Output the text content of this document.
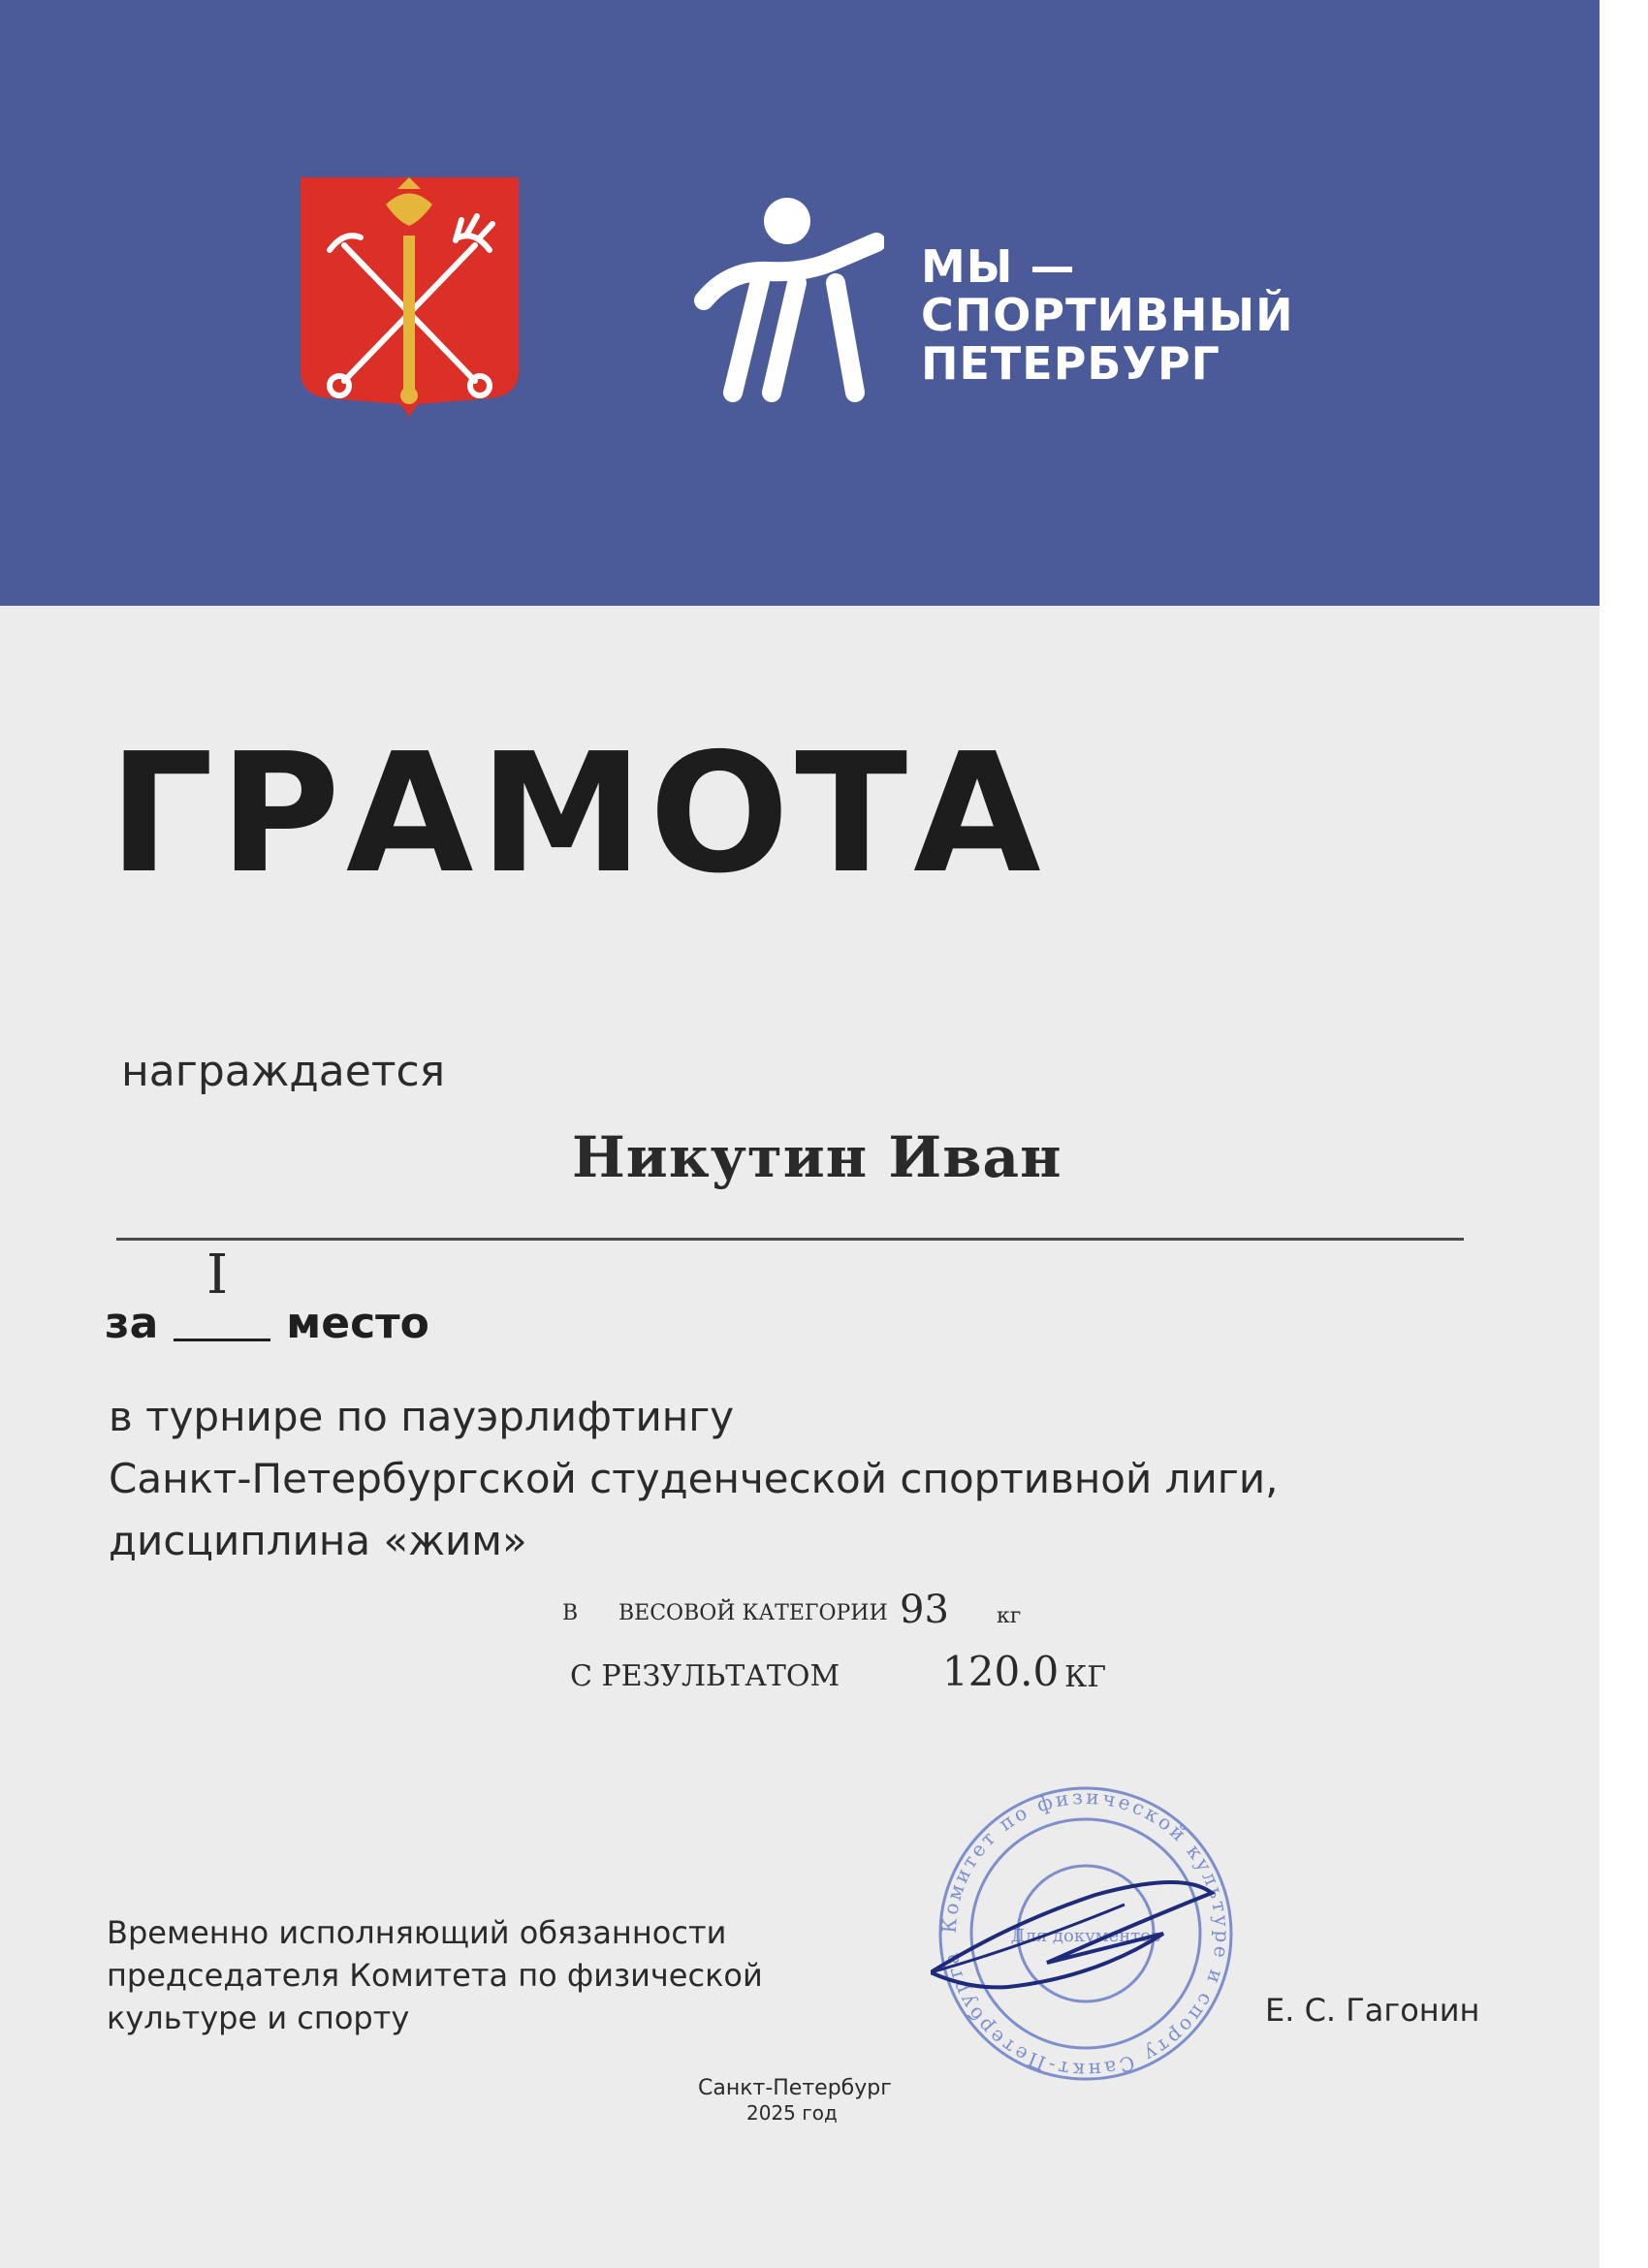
МЫ —
СПОРТИВНЫЙ
ПЕТЕРБУРГ
ГРАМОТА
награждается
Никутин Иван
I
за	место
в турнире по пауэрлифтингу
Санкт-Петербургской студенческой спортивной лиги,
дисциплина «жим»
В ВЕСОВОЙ КАТЕГОРИИ 93 кг
С РЕЗУЛЬТАТОМ	120.0 КГ
Временно исполняющий обязанности
председателя Комитета по физической
культуре и спорту
Комитет по физической культуре и спорту Санкт-Петербурга
Для документов
Е. С. Гагонин
Санкт-Петербург
2025 год
